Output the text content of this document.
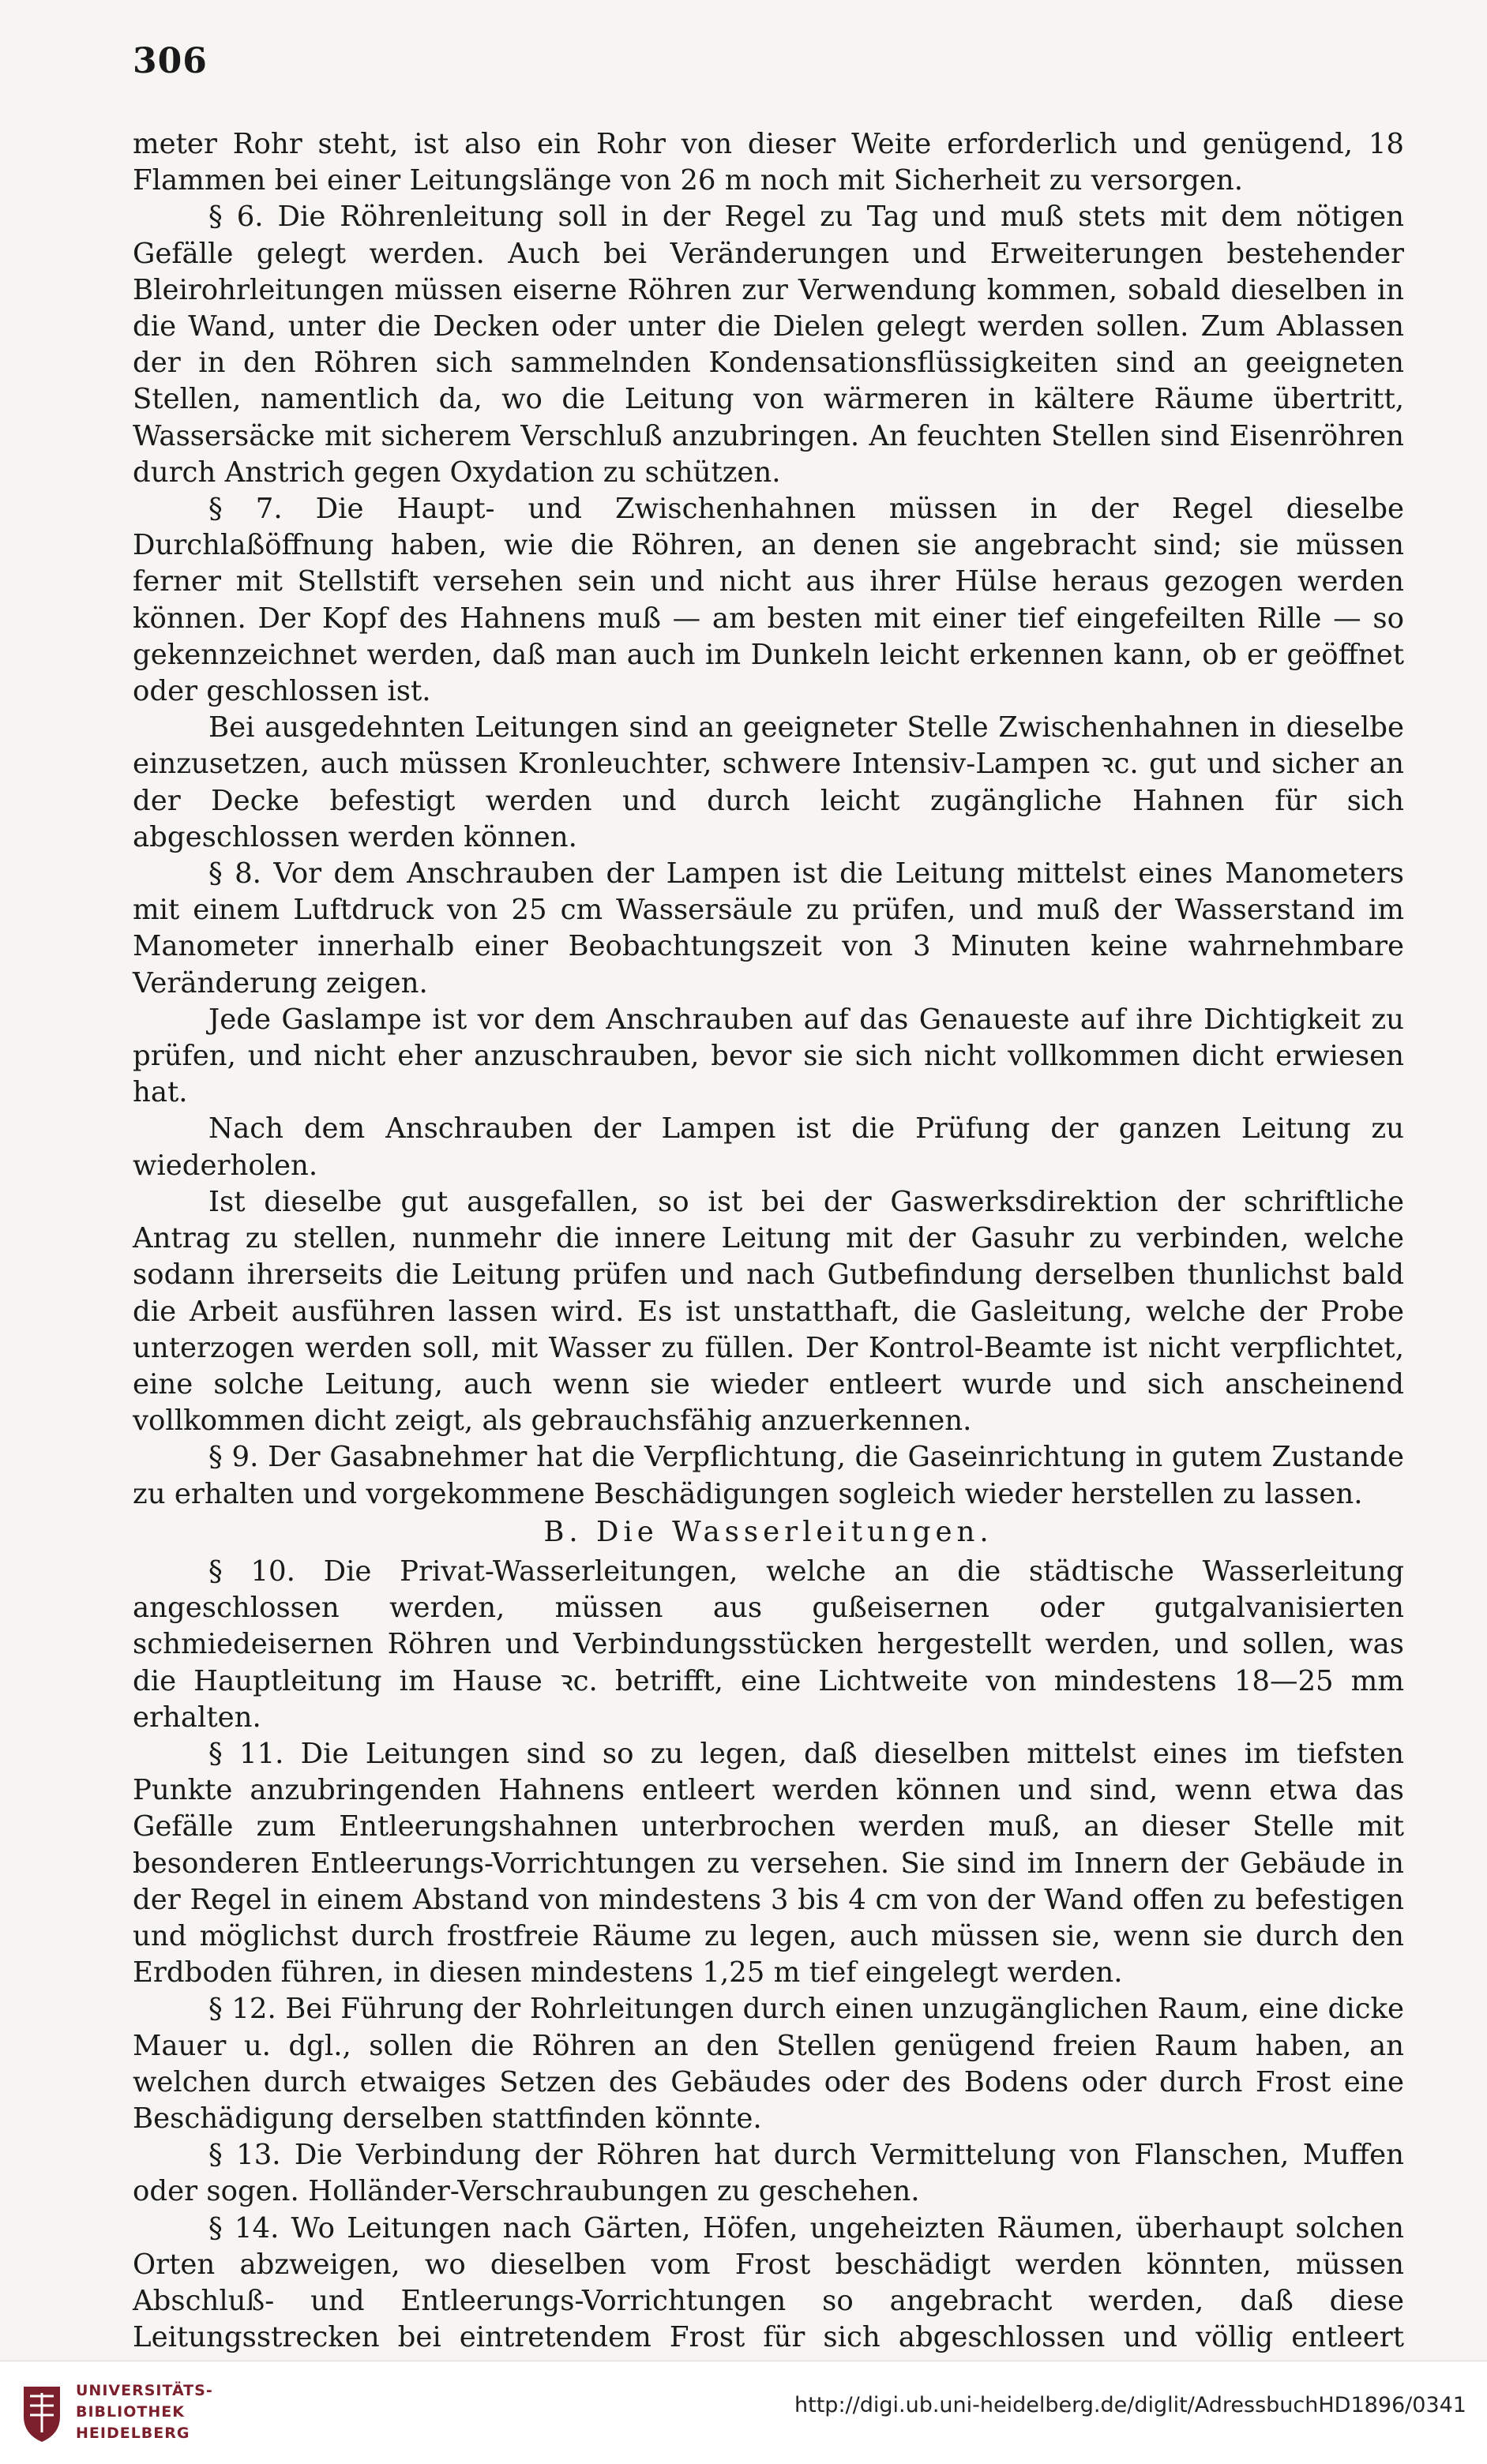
306

meter Rohr steht, ist also ein Rohr von dieser Weite erforderlich und genügend, 18 Flammen bei einer Leitungslänge von 26 m noch mit Sicherheit zu versorgen.

§ 6. Die Röhrenleitung soll in der Regel zu Tag und muß stets mit dem nötigen Gefälle gelegt werden. Auch bei Veränderungen und Erweiterungen bestehender Bleirohrleitungen müssen eiserne Röhren zur Verwendung kommen, sobald dieselben in die Wand, unter die Decken oder unter die Dielen gelegt werden sollen. Zum Ablassen der in den Röhren sich sammelnden Kondensationsflüssigkeiten sind an geeigneten Stellen, namentlich da, wo die Leitung von wärmeren in kältere Räume übertritt, Wassersäcke mit sicherem Verschluß anzubringen. An feuchten Stellen sind Eisenröhren durch Anstrich gegen Oxydation zu schützen.

§ 7. Die Haupt- und Zwischenhahnen müssen in der Regel dieselbe Durchlaßöffnung haben, wie die Röhren, an denen sie angebracht sind; sie müssen ferner mit Stellstift versehen sein und nicht aus ihrer Hülse heraus gezogen werden können. Der Kopf des Hahnens muß — am besten mit einer tief eingefeilten Rille — so gekennzeichnet werden, daß man auch im Dunkeln leicht erkennen kann, ob er geöffnet oder geschlossen ist.

Bei ausgedehnten Leitungen sind an geeigneter Stelle Zwischenhahnen in dieselbe einzusetzen, auch müssen Kronleuchter, schwere Intensiv-Lampen ꝛc. gut und sicher an der Decke befestigt werden und durch leicht zugängliche Hahnen für sich abgeschlossen werden können.

§ 8. Vor dem Anschrauben der Lampen ist die Leitung mittelst eines Manometers mit einem Luftdruck von 25 cm Wassersäule zu prüfen, und muß der Wasserstand im Manometer innerhalb einer Beobachtungszeit von 3 Minuten keine wahrnehmbare Veränderung zeigen.

Jede Gaslampe ist vor dem Anschrauben auf das Genaueste auf ihre Dichtigkeit zu prüfen, und nicht eher anzuschrauben, bevor sie sich nicht vollkommen dicht erwiesen hat.

Nach dem Anschrauben der Lampen ist die Prüfung der ganzen Leitung zu wiederholen.

Ist dieselbe gut ausgefallen, so ist bei der Gaswerksdirektion der schriftliche Antrag zu stellen, nunmehr die innere Leitung mit der Gasuhr zu verbinden, welche sodann ihrerseits die Leitung prüfen und nach Gutbefindung derselben thunlichst bald die Arbeit ausführen lassen wird. Es ist unstatthaft, die Gasleitung, welche der Probe unterzogen werden soll, mit Wasser zu füllen. Der Kontrol-Beamte ist nicht verpflichtet, eine solche Leitung, auch wenn sie wieder entleert wurde und sich anscheinend vollkommen dicht zeigt, als gebrauchsfähig anzuerkennen.

§ 9. Der Gasabnehmer hat die Verpflichtung, die Gaseinrichtung in gutem Zustande zu erhalten und vorgekommene Beschädigungen sogleich wieder herstellen zu lassen.

B. Die Wasserleitungen.

§ 10. Die Privat-Wasserleitungen, welche an die städtische Wasserleitung angeschlossen werden, müssen aus gußeisernen oder gutgalvanisierten schmiedeisernen Röhren und Verbindungsstücken hergestellt werden, und sollen, was die Hauptleitung im Hause ꝛc. betrifft, eine Lichtweite von mindestens 18—25 mm erhalten.

§ 11. Die Leitungen sind so zu legen, daß dieselben mittelst eines im tiefsten Punkte anzubringenden Hahnens entleert werden können und sind, wenn etwa das Gefälle zum Entleerungshahnen unterbrochen werden muß, an dieser Stelle mit besonderen Entleerungs-Vorrichtungen zu versehen. Sie sind im Innern der Gebäude in der Regel in einem Abstand von mindestens 3 bis 4 cm von der Wand offen zu befestigen und möglichst durch frostfreie Räume zu legen, auch müssen sie, wenn sie durch den Erdboden führen, in diesen mindestens 1,25 m tief eingelegt werden.

§ 12. Bei Führung der Rohrleitungen durch einen unzugänglichen Raum, eine dicke Mauer u. dgl., sollen die Röhren an den Stellen genügend freien Raum haben, an welchen durch etwaiges Setzen des Gebäudes oder des Bodens oder durch Frost eine Beschädigung derselben stattfinden könnte.

§ 13. Die Verbindung der Röhren hat durch Vermittelung von Flanschen, Muffen oder sogen. Holländer-Verschraubungen zu geschehen.

§ 14. Wo Leitungen nach Gärten, Höfen, ungeheizten Räumen, überhaupt solchen Orten abzweigen, wo dieselben vom Frost beschädigt werden könnten, müssen Abschluß- und Entleerungs-Vorrichtungen so angebracht werden, daß diese Leitungsstrecken bei eintretendem Frost für sich abgeschlossen und völlig entleert

UNIVERSITÄTS-
BIBLIOTHEK
HEIDELBERG
http://digi.ub.uni-heidelberg.de/diglit/AdressbuchHD1896/0341
